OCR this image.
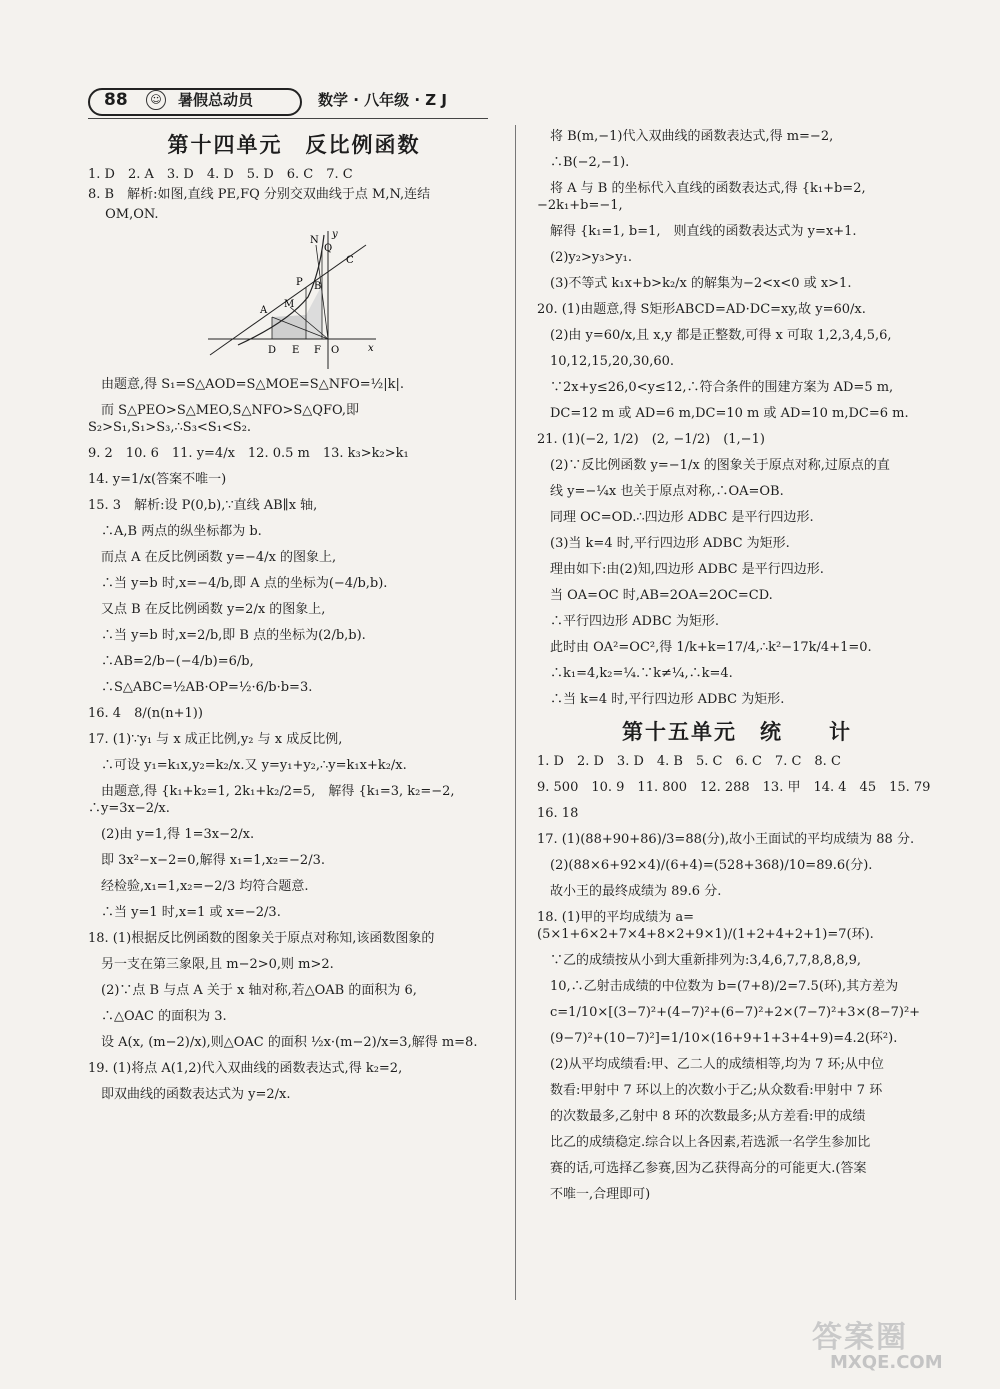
88	☺ 暑假总动员	数学 · 八年级 · Z J
第十四单元　反比例函数

1. D　2. A　3. D　4. D　5. D　6. C　7. C

8. B　解析:如图,直线 PE,FQ 分别交双曲线于点 M,N,连结

　 OM,ON.

N
Q
C
P B
A
M
D E F O	x
y

　由题意,得 S₁=S△AOD=S△MOE=S△NFO=½|k|.

　而 S△PEO>S△MEO,S△NFO>S△QFO,即 S₂>S₁,S₁>S₃,∴S₃<S₁<S₂.

9. 2　10. 6　11. y=4/x　12. 0.5 m　13. k₃>k₂>k₁

14. y=1/x(答案不唯一)

15. 3　解析:设 P(0,b),∵直线 AB∥x 轴,

　∴A,B 两点的纵坐标都为 b.

　而点 A 在反比例函数 y=−4/x 的图象上,

　∴当 y=b 时,x=−4/b,即 A 点的坐标为(−4/b,b).

　又点 B 在反比例函数 y=2/x 的图象上,

　∴当 y=b 时,x=2/b,即 B 点的坐标为(2/b,b).

　∴AB=2/b−(−4/b)=6/b,

　∴S△ABC=½AB·OP=½·6/b·b=3.

16. 4　8/(n(n+1))

17. (1)∵y₁ 与 x 成正比例,y₂ 与 x 成反比例,

　∴可设 y₁=k₁x,y₂=k₂/x.又 y=y₁+y₂,∴y=k₁x+k₂/x.

　由题意,得 {k₁+k₂=1, 2k₁+k₂/2=5,　解得 {k₁=3, k₂=−2,　∴y=3x−2/x.

　(2)由 y=1,得 1=3x−2/x.

　即 3x²−x−2=0,解得 x₁=1,x₂=−2/3.

　经检验,x₁=1,x₂=−2/3 均符合题意.

　∴当 y=1 时,x=1 或 x=−2/3.

18. (1)根据反比例函数的图象关于原点对称知,该函数图象的

　另一支在第三象限,且 m−2>0,则 m>2.

　(2)∵点 B 与点 A 关于 x 轴对称,若△OAB 的面积为 6,

　∴△OAC 的面积为 3.

　设 A(x, (m−2)/x),则△OAC 的面积 ½x·(m−2)/x=3,解得 m=8.

19. (1)将点 A(1,2)代入双曲线的函数表达式,得 k₂=2,

　即双曲线的函数表达式为 y=2/x.

　将 B(m,−1)代入双曲线的函数表达式,得 m=−2,

　∴B(−2,−1).

　将 A 与 B 的坐标代入直线的函数表达式,得 {k₁+b=2, −2k₁+b=−1,

　解得 {k₁=1, b=1,　则直线的函数表达式为 y=x+1.

　(2)y₂>y₃>y₁.

　(3)不等式 k₁x+b>k₂/x 的解集为−2<x<0 或 x>1.

20. (1)由题意,得 S矩形ABCD=AD·DC=xy,故 y=60/x.

　(2)由 y=60/x,且 x,y 都是正整数,可得 x 可取 1,2,3,4,5,6,

　10,12,15,20,30,60.

　∵2x+y≤26,0<y≤12,∴符合条件的围建方案为 AD=5 m,

　DC=12 m 或 AD=6 m,DC=10 m 或 AD=10 m,DC=6 m.

21. (1)(−2, 1/2)　(2, −1/2)　(1,−1)

　(2)∵反比例函数 y=−1/x 的图象关于原点对称,过原点的直

　线 y=−¼x 也关于原点对称,∴OA=OB.

　同理 OC=OD.∴四边形 ADBC 是平行四边形.

　(3)当 k=4 时,平行四边形 ADBC 为矩形.

　理由如下:由(2)知,四边形 ADBC 是平行四边形.

　当 OA=OC 时,AB=2OA=2OC=CD.

　∴平行四边形 ADBC 为矩形.

　此时由 OA²=OC²,得 1/k+k=17/4,∴k²−17k/4+1=0.

　∴k₁=4,k₂=¼.∵k≠¼,∴k=4.

　∴当 k=4 时,平行四边形 ADBC 为矩形.

第十五单元　统　　计

1. D　2. D　3. D　4. B　5. C　6. C　7. C　8. C

9. 500　10. 9　11. 800　12. 288　13. 甲　14. 4　45　15. 79

16. 18

17. (1)(88+90+86)/3=88(分),故小王面试的平均成绩为 88 分.

　(2)(88×6+92×4)/(6+4)=(528+368)/10=89.6(分).

　故小王的最终成绩为 89.6 分.

18. (1)甲的平均成绩为 a=(5×1+6×2+7×4+8×2+9×1)/(1+2+4+2+1)=7(环).

　∵乙的成绩按从小到大重新排列为:3,4,6,7,7,8,8,8,9,

　10,∴乙射击成绩的中位数为 b=(7+8)/2=7.5(环),其方差为

　c=1/10×[(3−7)²+(4−7)²+(6−7)²+2×(7−7)²+3×(8−7)²+

　(9−7)²+(10−7)²]=1/10×(16+9+1+3+4+9)=4.2(环²).

　(2)从平均成绩看:甲、乙二人的成绩相等,均为 7 环;从中位

　数看:甲射中 7 环以上的次数小于乙;从众数看:甲射中 7 环

　的次数最多,乙射中 8 环的次数最多;从方差看:甲的成绩

　比乙的成绩稳定.综合以上各因素,若选派一名学生参加比

　赛的话,可选择乙参赛,因为乙获得高分的可能更大.(答案

　不唯一,合理即可)

答案圈
MXQE.COM
